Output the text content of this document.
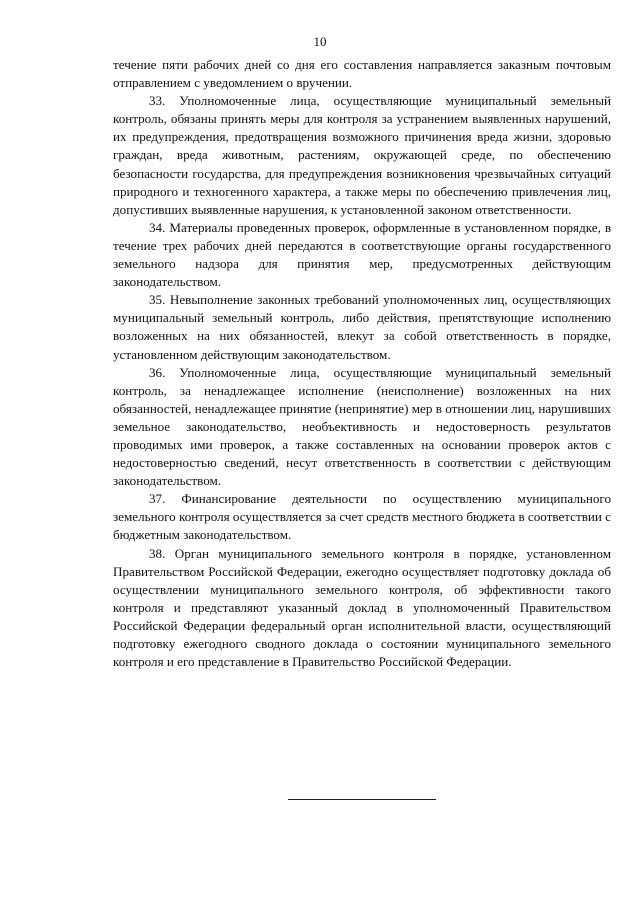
10

течение пяти рабочих дней со дня его составления направляется заказным почтовым отправлением с уведомлением о вручении.

33. Уполномоченные лица, осуществляющие муниципальный земельный контроль, обязаны принять меры для контроля за устранением выявленных нарушений, их предупреждения, предотвращения возможного причинения вреда жизни, здоровью граждан, вреда животным, растениям, окружающей среде, по обеспечению безопасности государства, для предупреждения возникновения чрезвычайных ситуаций природного и техногенного характера, а также меры по обеспечению привлечения лиц, допустивших выявленные нарушения, к установленной законом ответственности.

34. Материалы проведенных проверок, оформленные в установленном порядке, в течение трех рабочих дней передаются в соответствующие органы государственного земельного надзора для принятия мер, предусмотренных действующим законодательством.

35. Невыполнение законных требований уполномоченных лиц, осуществляющих муниципальный земельный контроль, либо действия, препятствующие исполнению возложенных на них обязанностей, влекут за собой ответственность в порядке, установленном действующим законодательством.

36. Уполномоченные лица, осуществляющие муниципальный земельный контроль, за ненадлежащее исполнение (неисполнение) возложенных на них обязанностей, ненадлежащее принятие (непринятие) мер в отношении лиц, нарушивших земельное законодательство, необъективность и недостоверность результатов проводимых ими проверок, а также составленных на основании проверок актов с недостоверностью сведений, несут ответственность в соответствии с действующим законодательством.

37. Финансирование деятельности по осуществлению муниципального земельного контроля осуществляется за счет средств местного бюджета в соответствии с бюджетным законодательством.

38. Орган муниципального земельного контроля в порядке, установленном Правительством Российской Федерации, ежегодно осуществляет подготовку доклада об осуществлении муниципального земельного контроля, об эффективности такого контроля и представляют указанный доклад в уполномоченный Правительством Российской Федерации федеральный орган исполнительной власти, осуществляющий подготовку ежегодного сводного доклада о состоянии муниципального земельного контроля и его представление в Правительство Российской Федерации.
